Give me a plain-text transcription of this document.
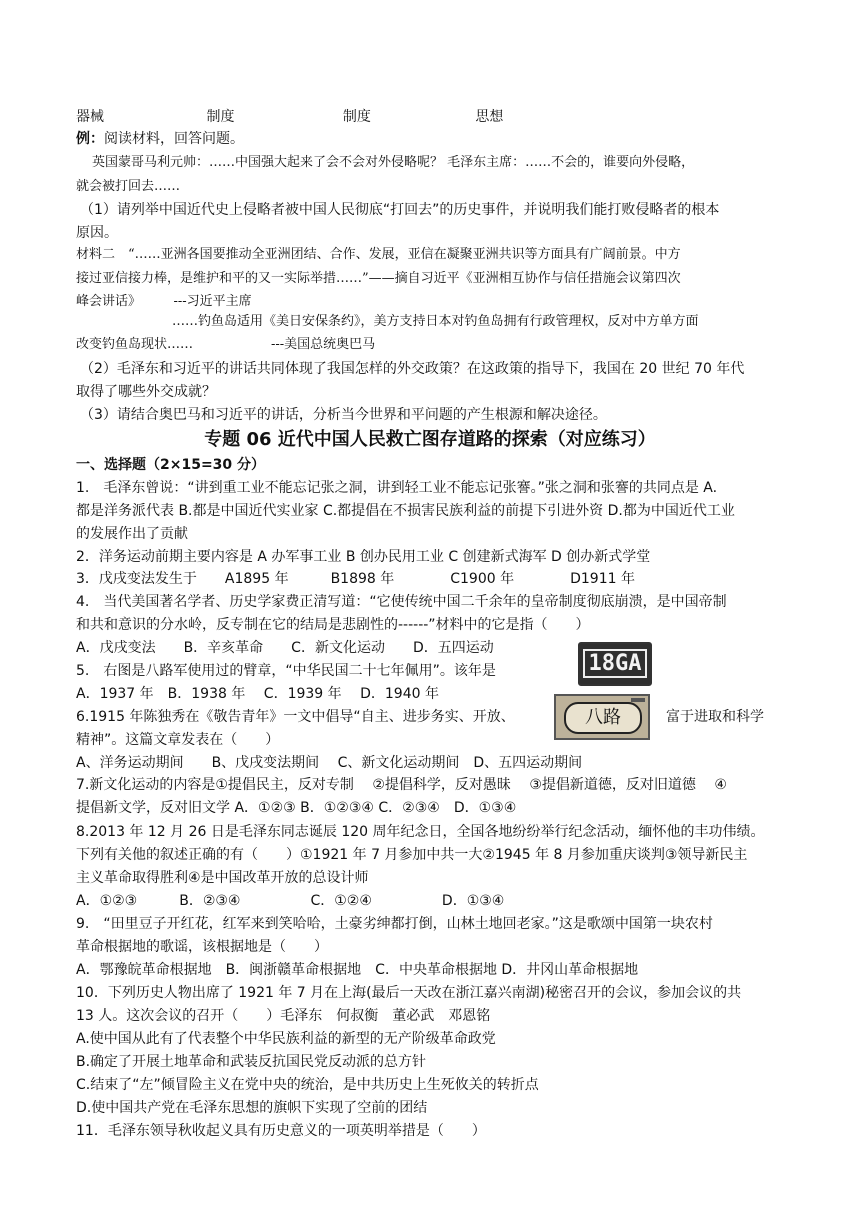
器械	制度	制度	思想
例：阅读材料，回答问题。
英国蒙哥马利元帅：……中国强大起来了会不会对外侵略呢？ 毛泽东主席：……不会的，谁要向外侵略，
就会被打回去……
（1）请列举中国近代史上侵略者被中国人民彻底“打回去”的历史事件，并说明我们能打败侵略者的根本
原因。
材料二　“……亚洲各国要推动全亚洲团结、合作、发展，亚信在凝聚亚洲共识等方面具有广阔前景。中方
接过亚信接力棒，是维护和平的又一实际举措……”——摘自习近平《亚洲相互协作与信任措施会议第四次
峰会讲话》　　　---习近平主席
……钓鱼岛适用《美日安保条约》，美方支持日本对钓鱼岛拥有行政管理权，反对中方单方面
改变钓鱼岛现状……　　　　　　---美国总统奥巴马
（2）毛泽东和习近平的讲话共同体现了我国怎样的外交政策？在这政策的指导下，我国在 20 世纪 70 年代
取得了哪些外交成就？
（3）请结合奥巴马和习近平的讲话，分析当今世界和平问题的产生根源和解决途径。
专题 06 近代中国人民救亡图存道路的探索（对应练习）
一、选择题（2×15=30 分）
1.　毛泽东曾说：“讲到重工业不能忘记张之洞，讲到轻工业不能忘记张謇。”张之洞和张謇的共同点是 A.
都是洋务派代表 B.都是中国近代实业家 C.都提倡在不损害民族利益的前提下引进外资 D.都为中国近代工业
的发展作出了贡献
2．洋务运动前期主要内容是 A 办军事工业 B 创办民用工业 C 创建新式海军 D 创办新式学堂
3．戊戌变法发生于　　A1895 年　　　B1898 年　　　　C1900 年　　　　D1911 年
4.　当代美国著名学者、历史学家费正清写道：“它使传统中国二千余年的皇帝制度彻底崩溃，是中国帝制
和共和意识的分水岭，反专制在它的结局是悲剧性的------”材料中的它是指（　　）
A．戊戌变法　　B．辛亥革命　　C．新文化运动　　D．五四运动
5.　右图是八路军使用过的臂章，“中华民国二十七年佩用”。该年是
A．1937 年　B．1938 年　 C．1939 年　 D．1940 年
6.1915 年陈独秀在《敬告青年》一文中倡导“自主、进步务实、开放、	富于进取和科学
精神”。这篇文章发表在（　　）
A、洋务运动期间　　B、戊戌变法期间　 C、新文化运动期间　D、五四运动期间
7.新文化运动的内容是①提倡民主，反对专制　 ②提倡科学，反对愚昧　 ③提倡新道德，反对旧道德　 ④
提倡新文学，反对旧文学 A．①②③ B．①②③④ C．②③④　D．①③④
8.2013 年 12 月 26 日是毛泽东同志诞辰 120 周年纪念日，全国各地纷纷举行纪念活动，缅怀他的丰功伟绩。
下列有关他的叙述正确的有（　　）①1921 年 7 月参加中共一大②1945 年 8 月参加重庆谈判③领导新民主
主义革命取得胜利④是中国改革开放的总设计师
A．①②③　　　B．②③④　　　　　C．①②④　　　　　D．①③④
9.　“田里豆子开红花，红军来到笑哈哈，土豪劣绅都打倒，山林土地回老家。”这是歌颂中国第一块农村
革命根据地的歌谣，该根据地是（　　）
A．鄂豫皖革命根据地　B．闽浙赣革命根据地　C．中央革命根据地 D．井冈山革命根据地
10．下列历史人物出席了 1921 年 7 月在上海(最后一天改在浙江嘉兴南湖)秘密召开的会议，参加会议的共
13 人。这次会议的召开（　　）毛泽东　何叔衡　董必武　邓恩铭
A.使中国从此有了代表整个中华民族利益的新型的无产阶级革命政党
B.确定了开展土地革命和武装反抗国民党反动派的总方针
C.结束了“左”倾冒险主义在党中央的统治，是中共历史上生死攸关的转折点
D.使中国共产党在毛泽东思想的旗帜下实现了空前的团结
11．毛泽东领导秋收起义具有历史意义的一项英明举措是（　　）
18GA
八路
